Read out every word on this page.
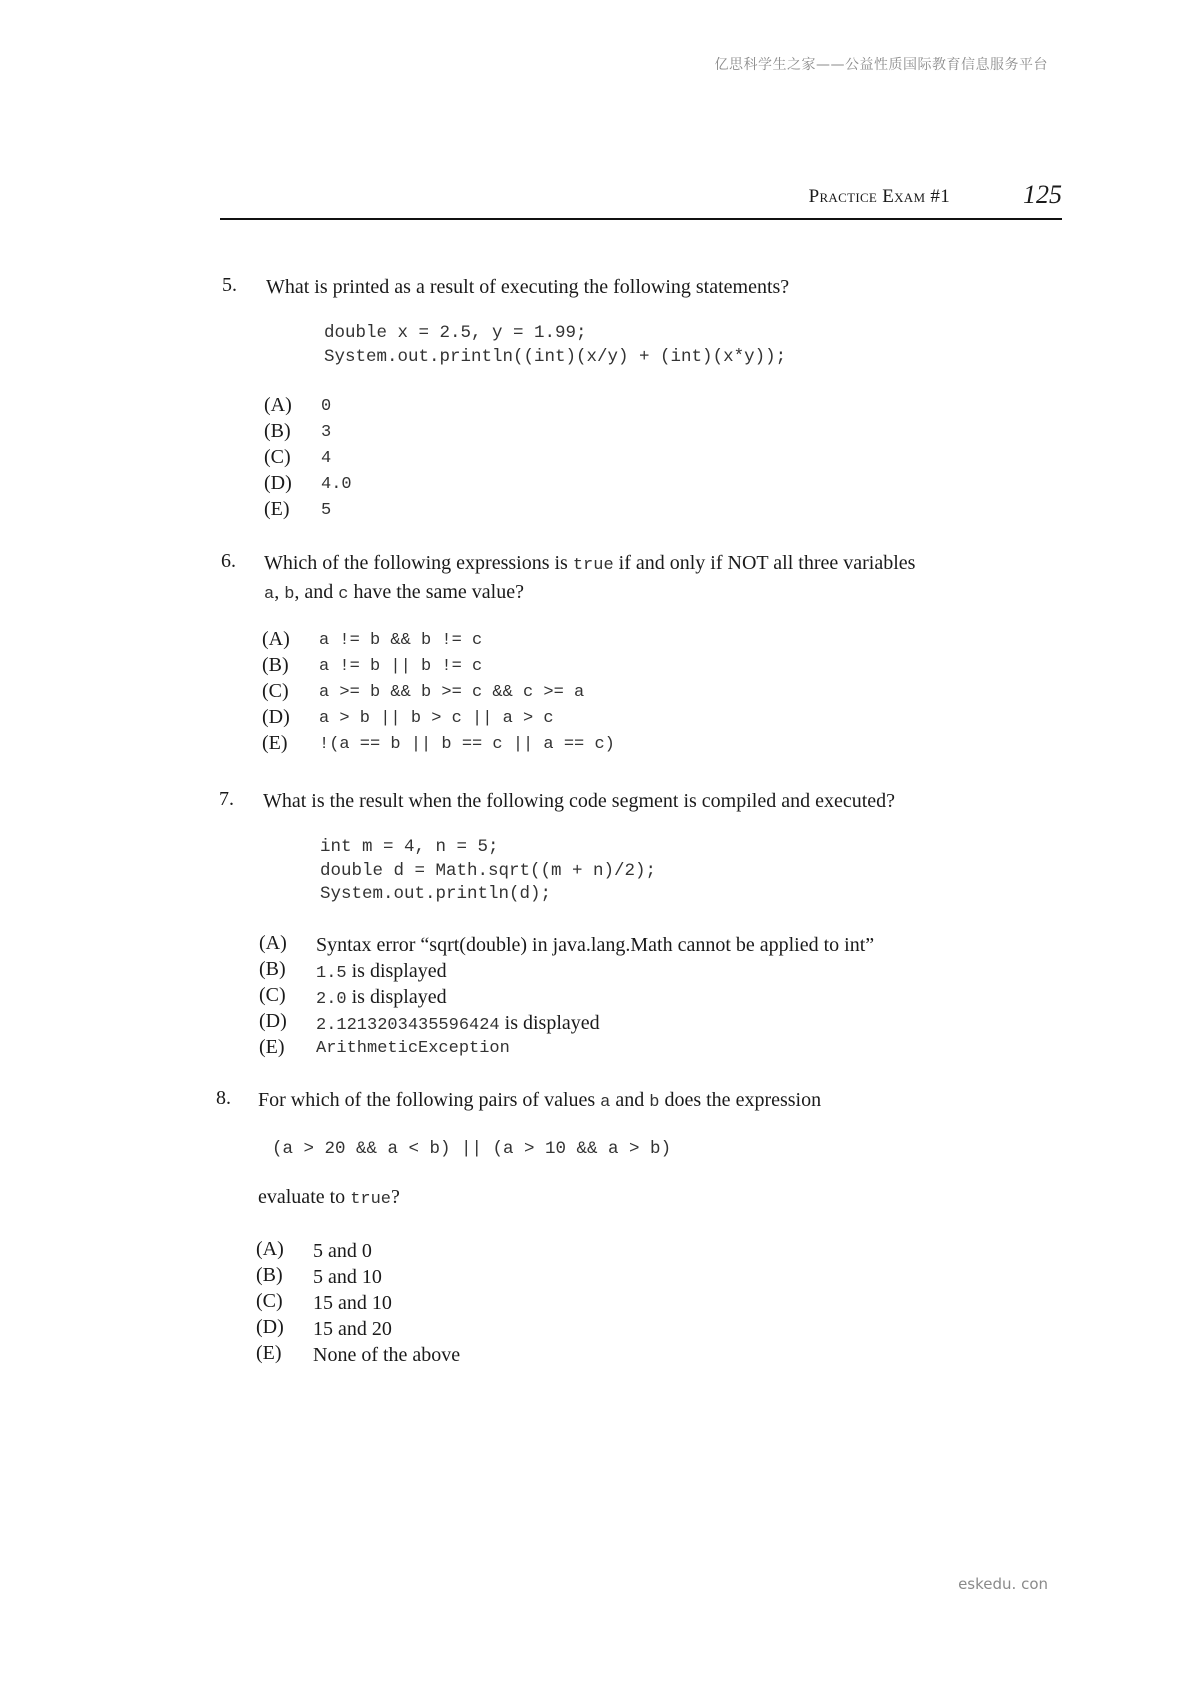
亿思科学生之家——公益性质国际教育信息服务平台
Practice Exam #1	125
5. What is printed as a result of executing the following statements?
double x = 2.5, y = 1.99;
System.out.println((int)(x/y) + (int)(x*y));
(A) 0
(B) 3
(C) 4
(D) 4.0
(E) 5
6. Which of the following expressions is true if and only if NOT all three variables
a, b, and c have the same value?
(A) a != b && b != c
(B) a != b || b != c
(C) a >= b && b >= c && c >= a
(D) a > b || b > c || a > c
(E) !(a == b || b == c || a == c)
7. What is the result when the following code segment is compiled and executed?
int m = 4, n = 5;
double d = Math.sqrt((m + n)/2);
System.out.println(d);
(A) Syntax error “sqrt(double) in java.lang.Math cannot be applied to int”
(B) 1.5 is displayed
(C) 2.0 is displayed
(D) 2.1213203435596424 is displayed
(E) ArithmeticException
8. For which of the following pairs of values a and b does the expression
(a > 20 && a < b) || (a > 10 && a > b)
evaluate to true?
(A) 5 and 0
(B) 5 and 10
(C) 15 and 10
(D) 15 and 20
(E) None of the above
eskedu. con
